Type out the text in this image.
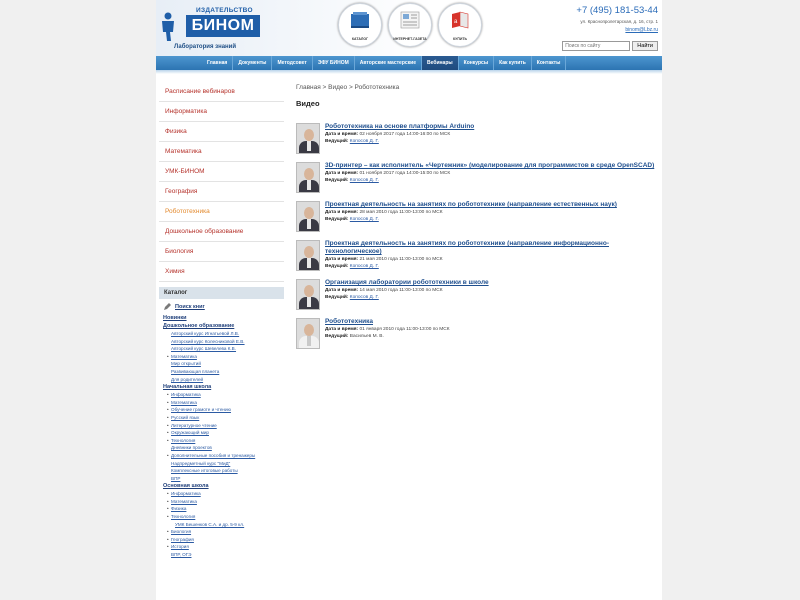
ИЗДАТЕЛЬСТВО
БИНОМ
Лаборатория знаний
КАТАЛОГ	ИНТЕРНЕТ-ГАЗЕТА
а
КУПИТЬ
+7 (495) 181-53-44
ул. Краснопролетарская, д. 16, стр. 1
binom@Lbz.ru
Поиск по сайту
Найти
Главная	Документы	Методсовет	ЭФУ БИНОМ	Авторские мастерские	Вебинары	Конкурсы	Как купить	Контакты
Расписание вебинаров
Информатика
Физика
Математика
УМК-БИНОМ
География
Робототехника
Дошкольное образование
Биология
Химия
Каталог
Поиск книг
Новинки
Дошкольное образование
Авторский курс Игнатьевой Л.В.
Авторский курс Колесниковой Е.В.
Авторский курс Шевелева К.В.
• Математика
Мир открытий
Развивающая планета
Для родителей
Начальная школа
• Информатика
• Математика
• Обучение грамоте и чтению
• Русский язык
• Литературное чтение
• Окружающий мир
• Технология
Дневники проектов
• Дополнительные пособия и тренажеры
Надпредметный курс "МиД"
Комплексные итоговые работы
ВПР
Основная школа
• Информатика
• Математика
• Физика
• Технология
УМК Бешенков С.А. и др. 5-9 кл.
• Биология
• География
• История
ВПР, ОГЭ
Главная > Видео > Робототехника
Видео
Робототехника на основе платформы Arduino
Дата и время: 02 ноября 2017 года 14:00-16:00 по МСК
Ведущий: Копосов Д. Г.
3D-принтер – как исполнитель «Чертежник» (моделирование для программистов в среде OpenSCAD)
Дата и время: 01 ноября 2017 года 14:00-15:00 по МСК
Ведущий: Копосов Д. Г.
Проектная деятельность на занятиях по робототехнике (направление естественных наук)
Дата и время: 28 мая 2010 года 11:00-13:00 по МСК
Ведущий: Копосов Д. Г.
Проектная деятельность на занятиях по робототехнике (направление информационно-технологическое)
Дата и время: 21 мая 2010 года 11:00-13:00 по МСК
Ведущий: Копосов Д. Г.
Организация лаборатории робототехники в школе
Дата и время: 14 мая 2010 года 11:00-13:00 по МСК
Ведущий: Копосов Д. Г.
Робототехника
Дата и время: 01 января 2010 года 11:00-13:00 по МСК
Ведущий: Васильев М. В.
